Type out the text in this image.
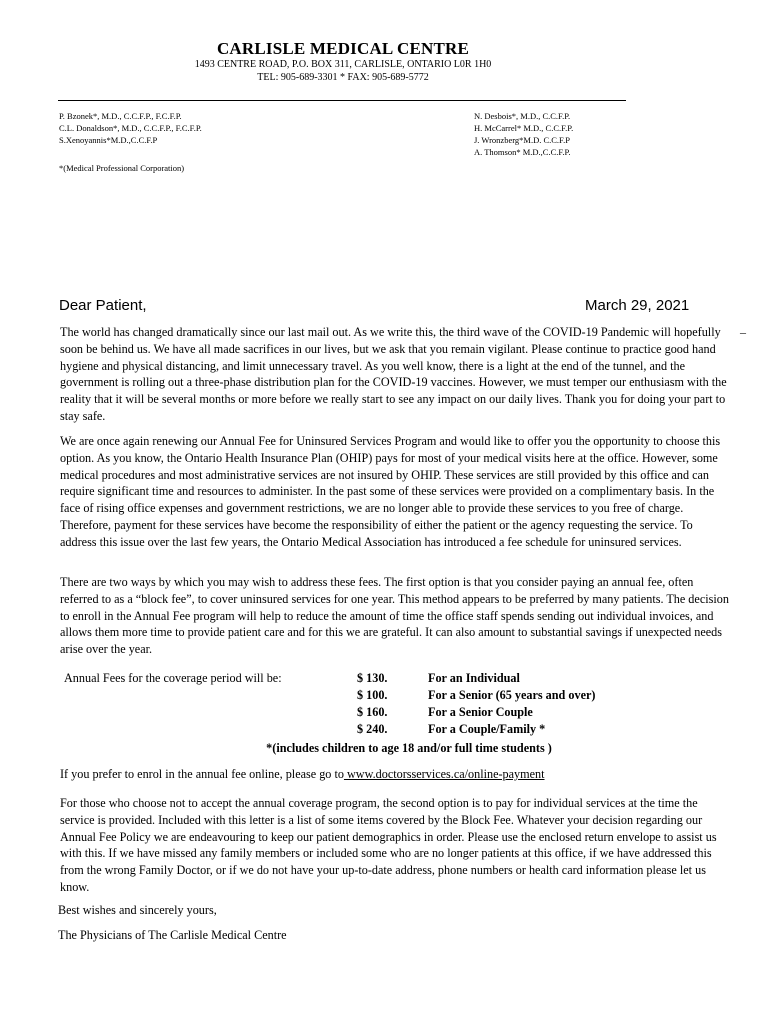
CARLISLE MEDICAL CENTRE
1493 CENTRE ROAD, P.O. BOX 311, CARLISLE, ONTARIO L0R 1H0
TEL: 905-689-3301 * FAX: 905-689-5772
P. Bzonek*, M.D., C.C.F.P., F.C.F.P.
C.L. Donaldson*, M.D., C.C.F.P., F.C.F.P.
S.Xenoyannis*M.D.,C.C.F.P
N. Desbois*, M.D., C.C.F.P.
H. McCarrel* M.D., C.C.F.P.
J. Wronzberg*M.D. C.C.F.P
A. Thomson* M.D.,C.C.F.P.
*(Medical Professional Corporation)
Dear Patient,	March 29, 2021
–

The world has changed dramatically since our last mail out. As we write this, the third wave of the COVID-19 Pandemic will hopefully soon be behind us. We have all made sacrifices in our lives, but we ask that you remain vigilant. Please continue to practice good hand hygiene and physical distancing, and limit unnecessary travel. As you well know, there is a light at the end of the tunnel, and the government is rolling out a three-phase distribution plan for the COVID-19 vaccines. However, we must temper our enthusiasm with the reality that it will be several months or more before we really start to see any impact on our daily lives. Thank you for doing your part to stay safe.

We are once again renewing our Annual Fee for Uninsured Services Program and would like to offer you the opportunity to choose this option. As you know, the Ontario Health Insurance Plan (OHIP) pays for most of your medical visits here at the office. However, some medical procedures and most administrative services are not insured by OHIP. These services are still provided by this office and can require significant time and resources to administer. In the past some of these services were provided on a complimentary basis. In the face of rising office expenses and government restrictions, we are no longer able to provide these services to you free of charge. Therefore, payment for these services have become the responsibility of either the patient or the agency requesting the service. To address this issue over the last few years, the Ontario Medical Association has introduced a fee schedule for uninsured services.

There are two ways by which you may wish to address these fees. The first option is that you consider paying an annual fee, often referred to as a “block fee”, to cover uninsured services for one year. This method appears to be preferred by many patients. The decision to enroll in the Annual Fee program will help to reduce the amount of time the office staff spends sending out individual invoices, and allows them more time to provide patient care and for this we are grateful. It can also amount to substantial savings if unexpected needs arise over the year.

Annual Fees for the coverage period will be:	$ 130.	For an Individual
$ 100.	For a Senior (65 years and over)
$ 160.	For a Senior Couple
$ 240.	For a Couple/Family *
*(includes children to age 18 and/or full time students )
If you prefer to enrol in the annual fee online, please go to www.doctorsservices.ca/online-payment

For those who choose not to accept the annual coverage program, the second option is to pay for individual services at the time the service is provided. Included with this letter is a list of some items covered by the Block Fee. Whatever your decision regarding our Annual Fee Policy we are endeavouring to keep our patient demographics in order. Please use the enclosed return envelope to assist us with this. If we have missed any family members or included some who are no longer patients at this office, if we have addressed this from the wrong Family Doctor, or if we do not have your up-to-date address, phone numbers or health card information please let us know.

Best wishes and sincerely yours,
The Physicians of The Carlisle Medical Centre
